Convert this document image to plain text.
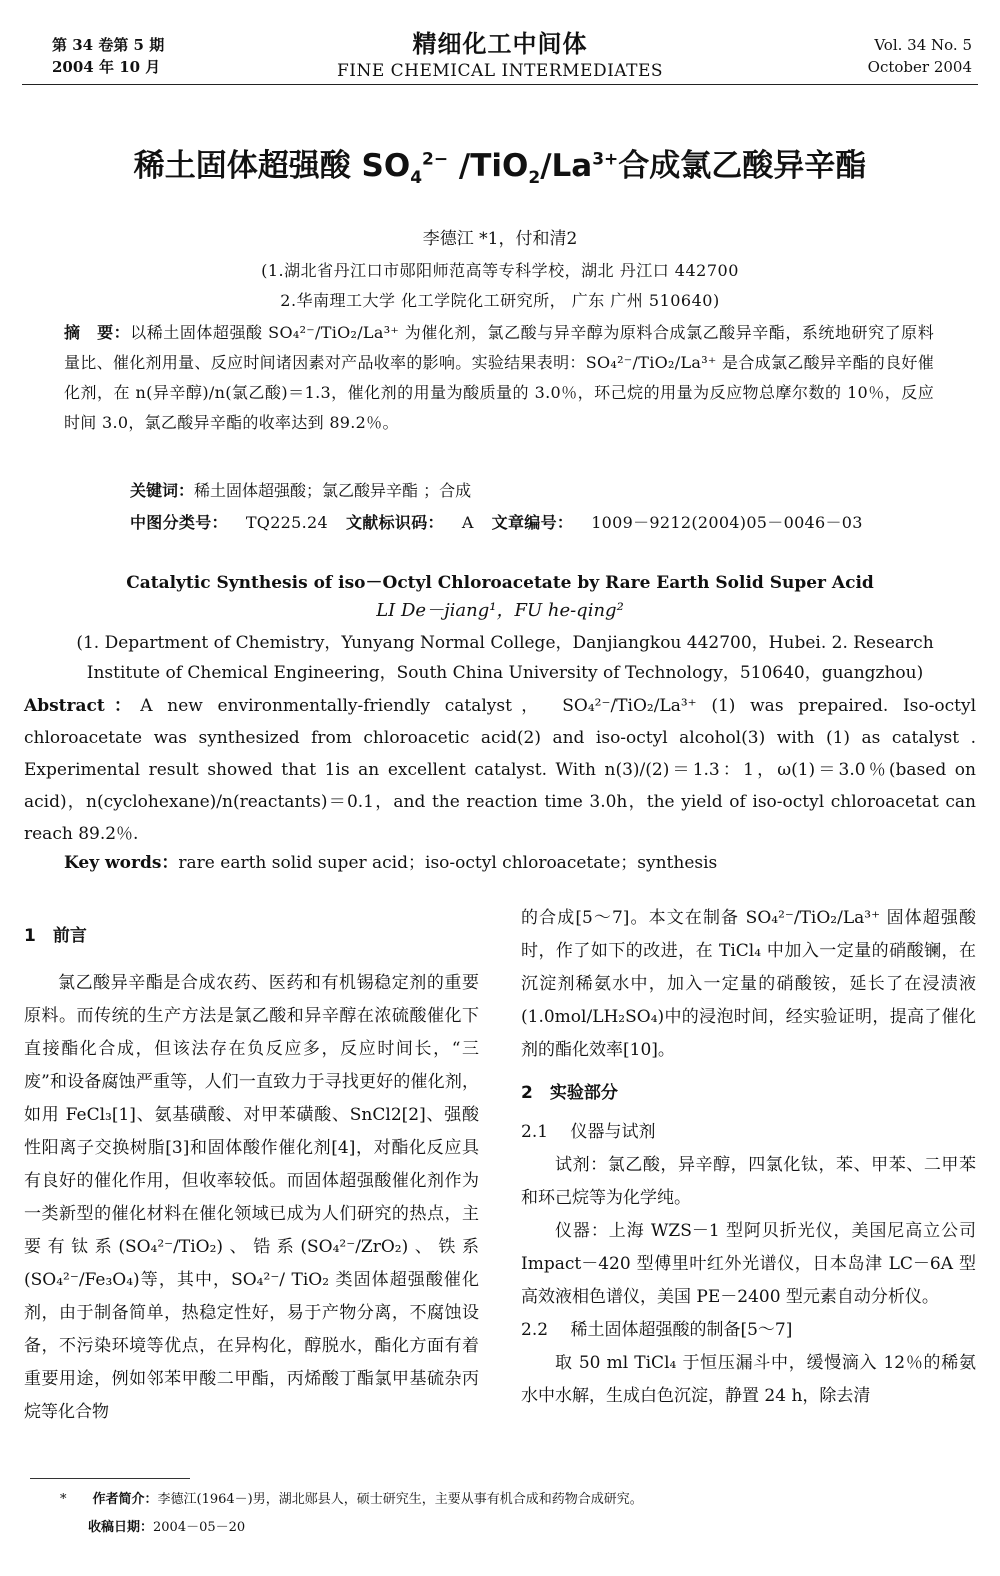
第 34 卷第 5 期
2004 年 10 月
精细化工中间体
FINE CHEMICAL INTERMEDIATES
Vol. 34 No. 5
October 2004
稀土固体超强酸 $SO_4^{2-}$ $/TiO_2/La^{3+}$合成氯乙酸异辛酯
李德江 *1，付和清2
(1.湖北省丹江口市郧阳师范高等专科学校，湖北 丹江口 442700
2.华南理工大学 化工学院化工研究所， 广东 广州 510640)
摘　要：以稀土固体超强酸 SO₄²⁻/TiO₂/La³⁺ 为催化剂，氯乙酸与异辛醇为原料合成氯乙酸异辛酯，系统地研究了原料量比、催化剂用量、反应时间诸因素对产品收率的影响。实验结果表明：SO₄²⁻/TiO₂/La³⁺ 是合成氯乙酸异辛酯的良好催化剂，在 n(异辛醇)/n(氯乙酸)＝1.3，催化剂的用量为酸质量的 3.0％，环己烷的用量为反应物总摩尔数的 10％，反应时间 3.0，氯乙酸异辛酯的收率达到 89.2％。
关键词：稀土固体超强酸；氯乙酸异辛酯 ；合成
中图分类号： TQ225.24 文献标识码： A 文章编号： 1009－9212(2004)05－0046－03
Catalytic Synthesis of iso－Octyl Chloroacetate by Rare Earth Solid Super Acid
LI De－jiang¹，FU he-qing²
(1. Department of Chemistry，Yunyang Normal College，Danjiangkou 442700，Hubei. 2. Research Institute of Chemical Engineering，South China University of Technology，510640，guangzhou)
Abstract：A new environmentally-friendly catalyst， SO₄²⁻/TiO₂/La³⁺ (1) was prepaired. Iso-octyl chloroacetate was synthesized from chloroacetic acid(2) and iso-octyl alcohol(3) with (1) as catalyst . Experimental result showed that 1is an excellent catalyst. With n(3)/(2)＝1.3：1，ω(1)＝3.0％(based on acid)，n(cyclohexane)/n(reactants)＝0.1，and the reaction time 3.0h，the yield of iso-octyl chloroacetat can reach 89.2％.
Key words：rare earth solid super acid；iso-octyl chloroacetate；synthesis

1　前言

氯乙酸异辛酯是合成农药、医药和有机锡稳定剂的重要原料。而传统的生产方法是氯乙酸和异辛醇在浓硫酸催化下直接酯化合成，但该法存在负反应多，反应时间长，“三废”和设备腐蚀严重等，人们一直致力于寻找更好的催化剂，如用 FeCl₃[1]、氨基磺酸、对甲苯磺酸、SnCl2[2]、强酸性阳离子交换树脂[3]和固体酸作催化剂[4]，对酯化反应具有良好的催化作用，但收率较低。而固体超强酸催化剂作为一类新型的催化材料在催化领域已成为人们研究的热点，主要有钛系(SO₄²⁻/TiO₂)、锆系(SO₄²⁻/ZrO₂)、铁系(SO₄²⁻/Fe₃O₄)等，其中，SO₄²⁻/ TiO₂ 类固体超强酸催化剂，由于制备简单，热稳定性好，易于产物分离，不腐蚀设备，不污染环境等优点，在异构化，醇脱水，酯化方面有着重要用途，例如邻苯甲酸二甲酯，丙烯酸丁酯氯甲基硫杂丙烷等化合物

的合成[5～7]。本文在制备 SO₄²⁻/TiO₂/La³⁺ 固体超强酸时，作了如下的改进，在 TiCl₄ 中加入一定量的硝酸镧，在沉淀剂稀氨水中，加入一定量的硝酸铵，延长了在浸渍液(1.0mol/LH₂SO₄)中的浸泡时间，经实验证明，提高了催化剂的酯化效率[10]。

2　实验部分

2.1　 仪器与试剂

试剂：氯乙酸，异辛醇，四氯化钛，苯、甲苯、二甲苯和环己烷等为化学纯。

仪器：上海 WZS－1 型阿贝折光仪，美国尼高立公司 Impact－420 型傅里叶红外光谱仪，日本岛津 LC－6A 型高效液相色谱仪，美国 PE－2400 型元素自动分析仪。

2.2　 稀土固体超强酸的制备[5～7]

取 50 ml TiCl₄ 于恒压漏斗中，缓慢滴入 12％的稀氨水中水解，生成白色沉淀，静置 24 h，除去清

*　　 作者简介：李德江(1964－)男，湖北郧县人，硕士研究生，主要从事有机合成和药物合成研究。
收稿日期：2004－05－20
